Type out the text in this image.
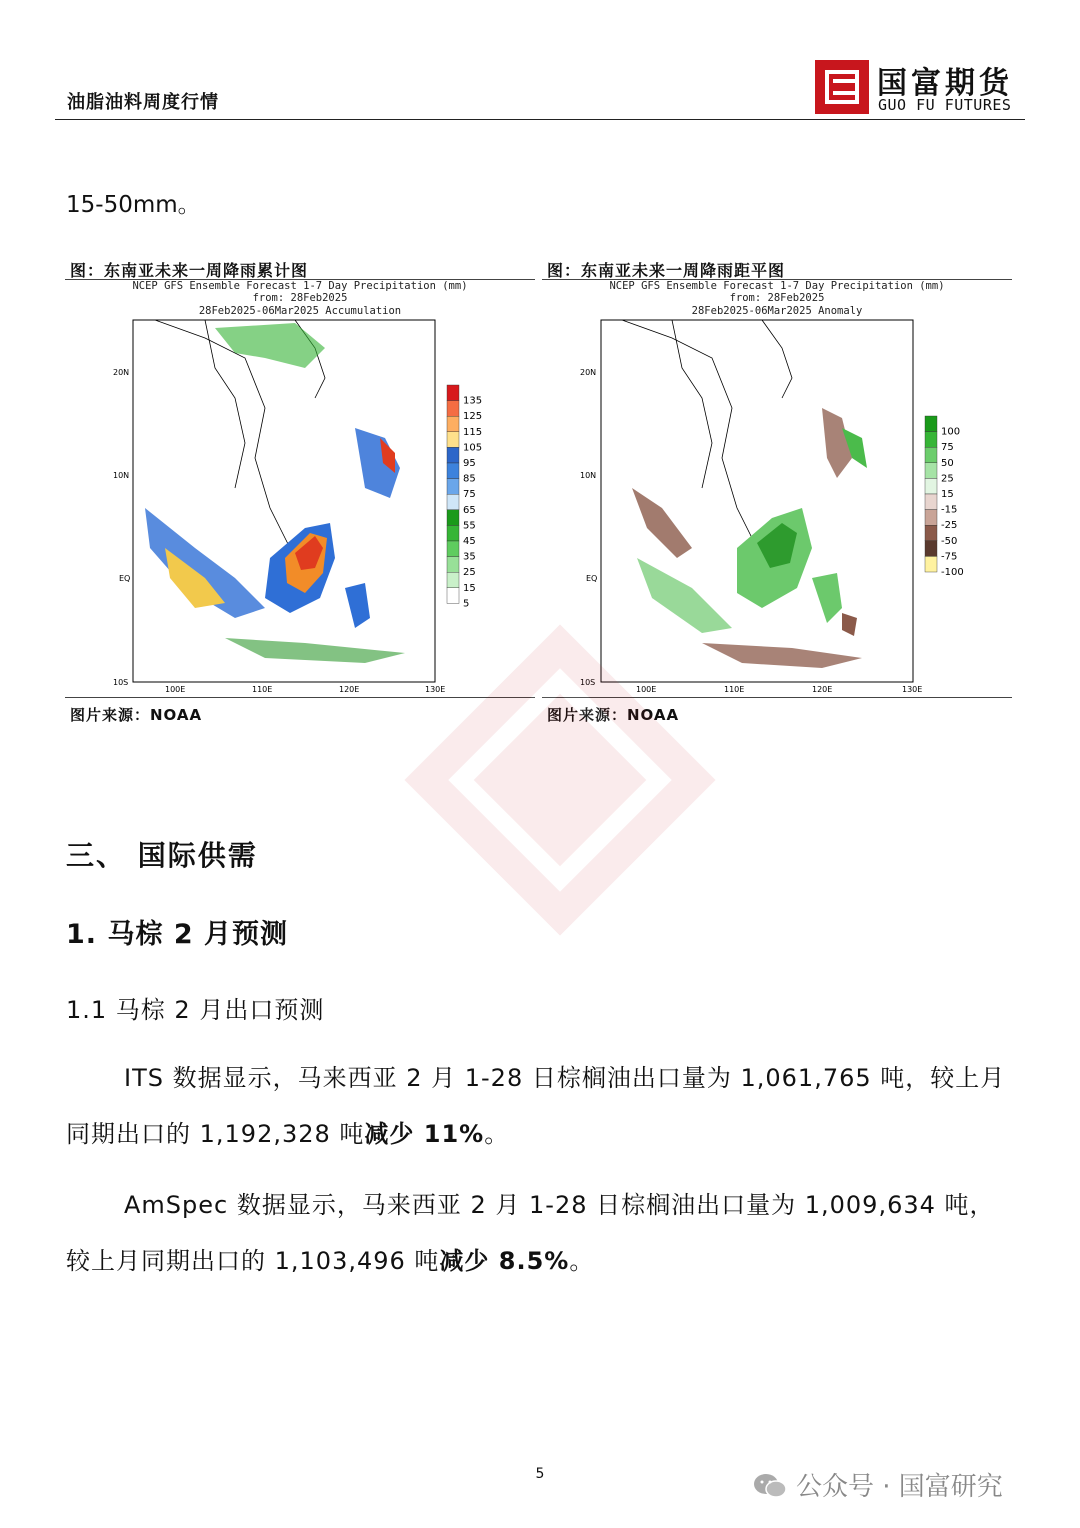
油脂油料周度行情
国富期货
GUO FU FUTURES
15-50mm。
图：东南亚未来一周降雨累计图
NCEP GFS Ensemble Forecast 1-7 Day Precipitation (mm)
from: 28Feb2025
28Feb2025-06Mar2025 Accumulation
20N
10N
EQ
10S
100E	110E	120E	130E
135
125
115
105
95
85
75
65
55
45
35
25
15
5
图片来源：NOAA
图：东南亚未来一周降雨距平图
NCEP GFS Ensemble Forecast 1-7 Day Precipitation (mm)
from: 28Feb2025
28Feb2025-06Mar2025 Anomaly
20N
10N
EQ
10S
100E	110E	120E	130E
100
75
50
25
15
-15
-25
-50
-75
-100
图片来源：NOAA
三、 国际供需
1. 马棕 2 月预测
1.1 马棕 2 月出口预测
ITS 数据显示，马来西亚 2 月 1-28 日棕榈油出口量为 1,061,765 吨，较上月同期出口的 1,192,328 吨减少 11%。
AmSpec 数据显示，马来西亚 2 月 1-28 日棕榈油出口量为 1,009,634 吨，较上月同期出口的 1,103,496 吨减少 8.5%。
5	公众号 · 国富研究
